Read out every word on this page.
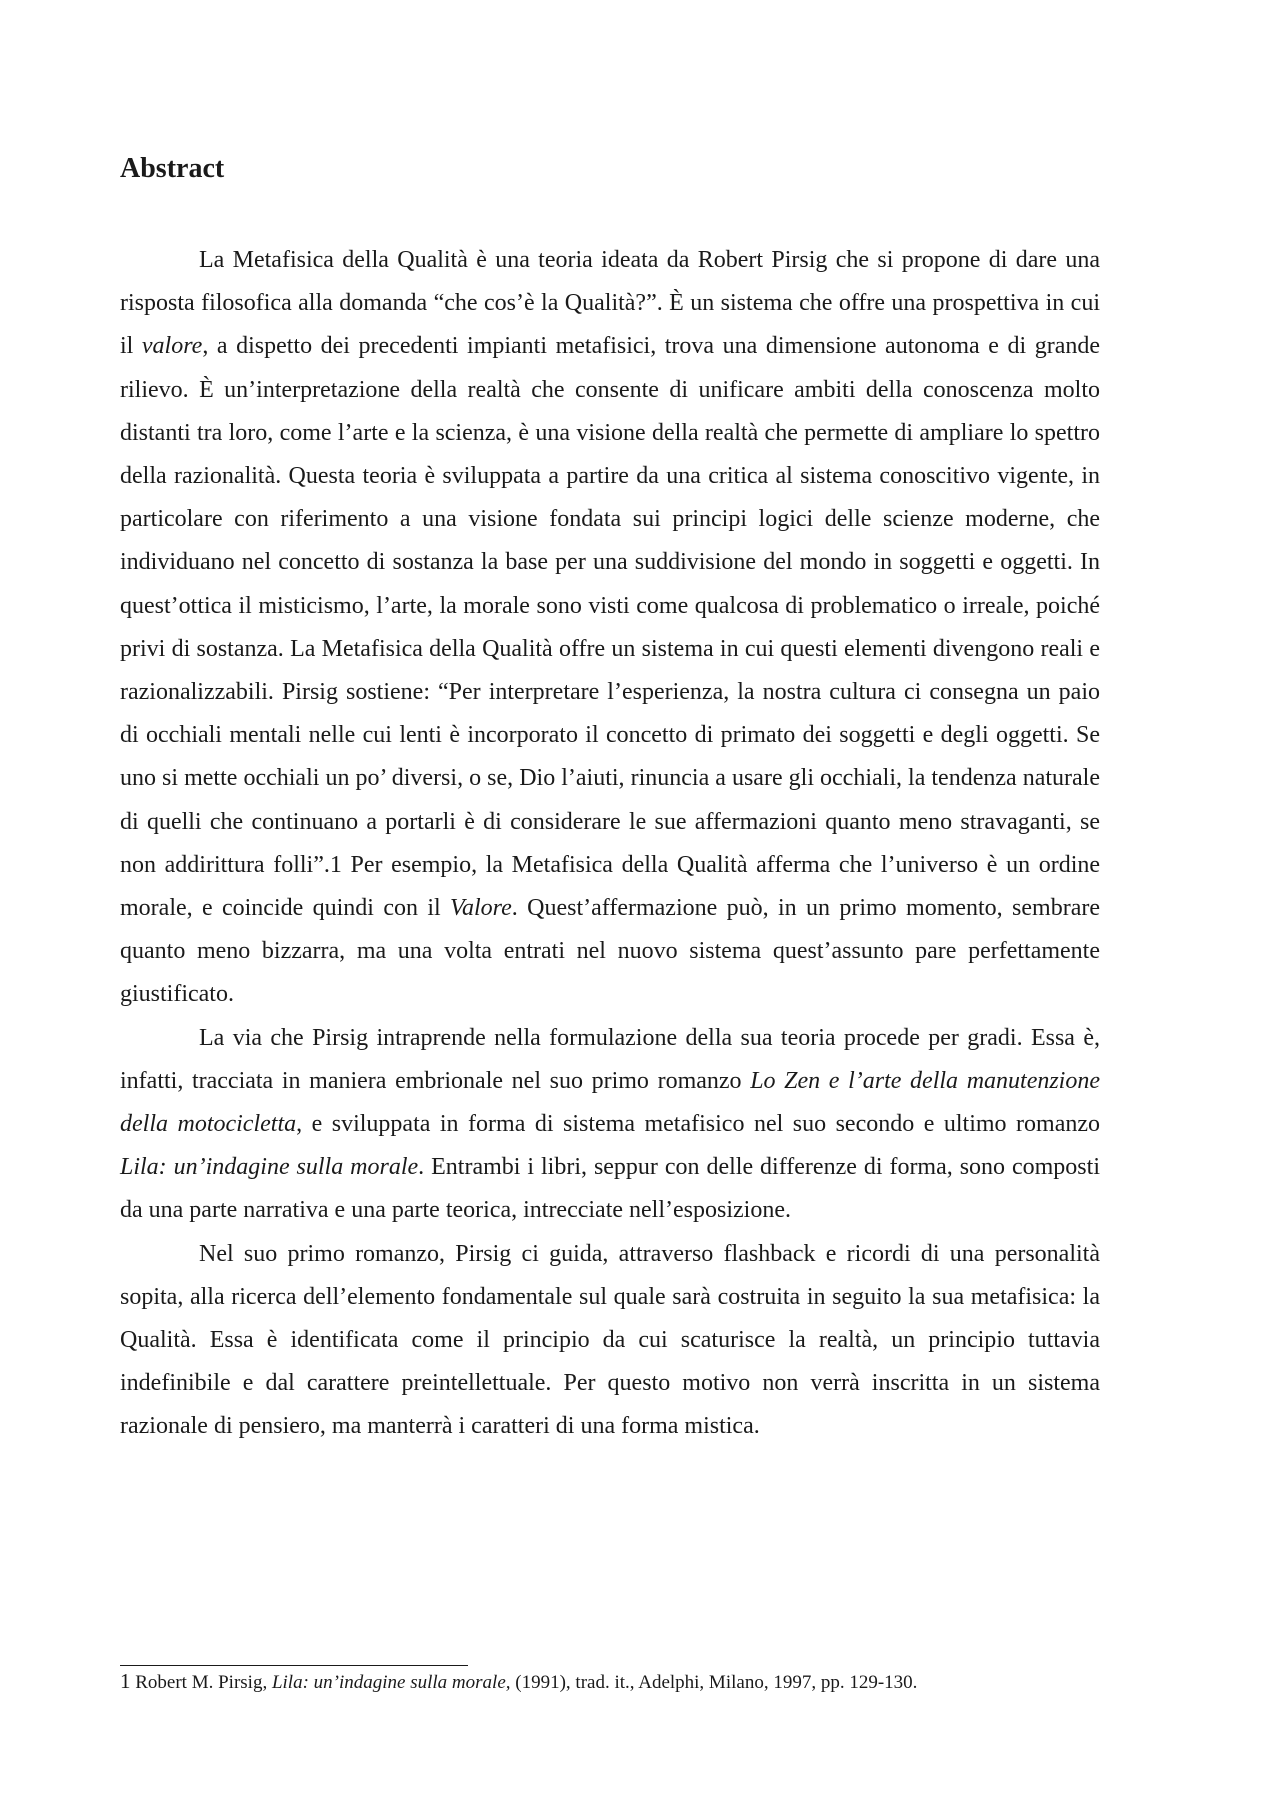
Abstract

La Metafisica della Qualità è una teoria ideata da Robert Pirsig che si propone di dare una risposta filosofica alla domanda “che cos’è la Qualità?”. È un sistema che offre una prospettiva in cui il valore, a dispetto dei precedenti impianti metafisici, trova una dimensione autonoma e di grande rilievo. È un’interpretazione della realtà che consente di unificare ambiti della conoscenza molto distanti tra loro, come l’arte e la scienza, è una visione della realtà che permette di ampliare lo spettro della razionalità. Questa teoria è sviluppata a partire da una critica al sistema conoscitivo vigente, in particolare con riferimento a una visione fondata sui principi logici delle scienze moderne, che individuano nel concetto di sostanza la base per una suddivisione del mondo in soggetti e oggetti. In quest’ottica il misticismo, l’arte, la morale sono visti come qualcosa di problematico o irreale, poiché privi di sostanza. La Metafisica della Qualità offre un sistema in cui questi elementi divengono reali e razionalizzabili. Pirsig sostiene: “Per interpretare l’esperienza, la nostra cultura ci consegna un paio di occhiali mentali nelle cui lenti è incorporato il concetto di primato dei soggetti e degli oggetti. Se uno si mette occhiali un po’ diversi, o se, Dio l’aiuti, rinuncia a usare gli occhiali, la tendenza naturale di quelli che continuano a portarli è di considerare le sue affermazioni quanto meno stravaganti, se non addirittura folli”.1 Per esempio, la Metafisica della Qualità afferma che l’universo è un ordine morale, e coincide quindi con il Valore. Quest’affermazione può, in un primo momento, sembrare quanto meno bizzarra, ma una volta entrati nel nuovo sistema quest’assunto pare perfettamente giustificato.

La via che Pirsig intraprende nella formulazione della sua teoria procede per gradi. Essa è, infatti, tracciata in maniera embrionale nel suo primo romanzo Lo Zen e l’arte della manutenzione della motocicletta, e sviluppata in forma di sistema metafisico nel suo secondo e ultimo romanzo Lila: un’indagine sulla morale. Entrambi i libri, seppur con delle differenze di forma, sono composti da una parte narrativa e una parte teorica, intrecciate nell’esposizione.

Nel suo primo romanzo, Pirsig ci guida, attraverso flashback e ricordi di una personalità sopita, alla ricerca dell’elemento fondamentale sul quale sarà costruita in seguito la sua metafisica: la Qualità. Essa è identificata come il principio da cui scaturisce la realtà, un principio tuttavia indefinibile e dal carattere preintellettuale. Per questo motivo non verrà inscritta in un sistema razionale di pensiero, ma manterrà i caratteri di una forma mistica.

1 Robert M. Pirsig, Lila: un’indagine sulla morale, (1991), trad. it., Adelphi, Milano, 1997, pp. 129-130.
